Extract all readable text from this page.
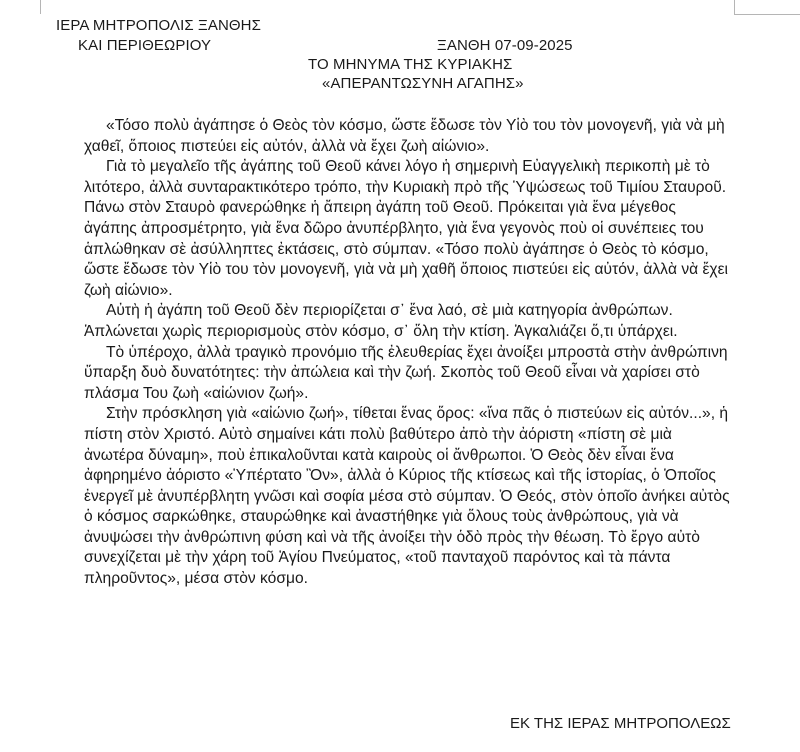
ΙΕΡΑ ΜΗΤΡΟΠΟΛΙΣ ΞΑΝΘΗΣ
ΚΑΙ ΠΕΡΙΘΕΩΡΙΟΥ	ΞΑΝΘΗ 07-09-2025
ΤΟ ΜΗΝΥΜΑ ΤΗΣ ΚΥΡΙΑΚΗΣ
«ΑΠΕΡΑΝΤΩΣΥΝΗ ΑΓΑΠΗΣ»

«Τόσο πολὺ ἀγάπησε ὁ Θεὸς τὸν κόσμο, ὥστε ἔδωσε τὸν Υἱὸ του τὸν μονογενῆ, γιὰ νὰ μὴ χαθεῖ, ὅποιος πιστεύει εἰς αὐτόν, ἀλλὰ νὰ ἔχει ζωὴ αἰώνιο».

Γιὰ τὸ μεγαλεῖο τῆς ἀγάπης τοῦ Θεοῦ κάνει λόγο ἡ σημερινὴ Εὐαγγελικὴ περικοπὴ μὲ τὸ λιτότερο, ἀλλὰ συνταρακτικότερο τρόπο, τὴν Κυριακὴ πρὸ τῆς Ὑψώσεως τοῦ Τιμίου Σταυροῦ. Πάνω στὸν Σταυρὸ φανερώθηκε ἡ ἄπειρη ἀγάπη τοῦ Θεοῦ. Πρόκειται γιὰ ἕνα μέγεθος ἀγάπης ἀπροσμέτρητο, γιὰ ἕνα δῶρο ἀνυπέρβλητο, γιὰ ἕνα γεγονὸς ποὺ οἱ συνέπειες του ἁπλώθηκαν σὲ ἀσύλληπτες ἐκτάσεις, στὸ σύμπαν. «Τόσο πολὺ ἀγάπησε ὁ Θεὸς τὸ κόσμο, ὥστε ἔδωσε τὸν Υἱὸ του τὸν μονογενῆ, γιὰ νὰ μὴ χαθῆ ὅποιος πιστεύει εἰς αὐτόν, ἀλλὰ νὰ ἔχει ζωὴ αἰώνιο».

Αὐτὴ ἡ ἀγάπη τοῦ Θεοῦ δὲν περιορίζεται σ᾽ ἕνα λαό, σὲ μιὰ κατηγορία ἀνθρώπων. Ἁπλώνεται χωρὶς περιορισμοὺς στὸν κόσμο, σ᾽ ὅλη τὴν κτίση. Ἀγκαλιάζει ὅ,τι ὑπάρχει.

Τὸ ὑπέροχο, ἀλλὰ τραγικὸ προνόμιο τῆς ἐλευθερίας ἔχει ἀνοίξει μπροστὰ στὴν ἀνθρώπινη ὕπαρξη δυὸ δυνατότητες: τὴν ἀπώλεια καὶ τὴν ζωή. Σκοπὸς τοῦ Θεοῦ εἶναι νὰ χαρίσει στὸ πλάσμα Του ζωὴ «αἰώνιον ζωή».

Στὴν πρόσκληση γιὰ «αἰώνιο ζωή», τίθεται ἕνας ὅρος: «ἵνα πᾶς ὁ πιστεύων εἰς αὐτόν...», ἡ πίστη στὸν Χριστό. Αὐτὸ σημαίνει κάτι πολὺ βαθύτερο ἀπὸ τὴν ἀόριστη «πίστη σὲ μιὰ ἀνωτέρα δύναμη», ποὺ ἐπικαλοῦνται κατὰ καιροὺς οἱ ἄνθρωποι. Ὁ Θεὸς δὲν εἶναι ἕνα ἀφηρημένο ἀόριστο «Ὑπέρτατο Ὂν», ἀλλὰ ὁ Κύριος τῆς κτίσεως καὶ τῆς ἱστορίας, ὁ Ὁποῖος ἐνεργεῖ μὲ ἀνυπέρβλητη γνῶσι καὶ σοφία μέσα στὸ σύμπαν. Ὁ Θεός, στὸν ὁποῖο ἀνήκει αὐτὸς ὁ κόσμος σαρκώθηκε, σταυρώθηκε καὶ ἀναστήθηκε γιὰ ὅλους τοὺς ἀνθρώπους, γιὰ νὰ ἀνυψώσει τὴν ἀνθρώπινη φύση καὶ νὰ τῆς ἀνοίξει τὴν ὁδὸ πρὸς τὴν θέωση. Τὸ ἔργο αὐτὸ συνεχίζεται μὲ τὴν χάρη τοῦ Ἁγίου Πνεύματος, «τοῦ πανταχοῦ παρόντος καὶ τὰ πάντα πληροῦντος», μέσα στὸν κόσμο.

ΕΚ ΤΗΣ ΙΕΡΑΣ ΜΗΤΡΟΠΟΛΕΩΣ
